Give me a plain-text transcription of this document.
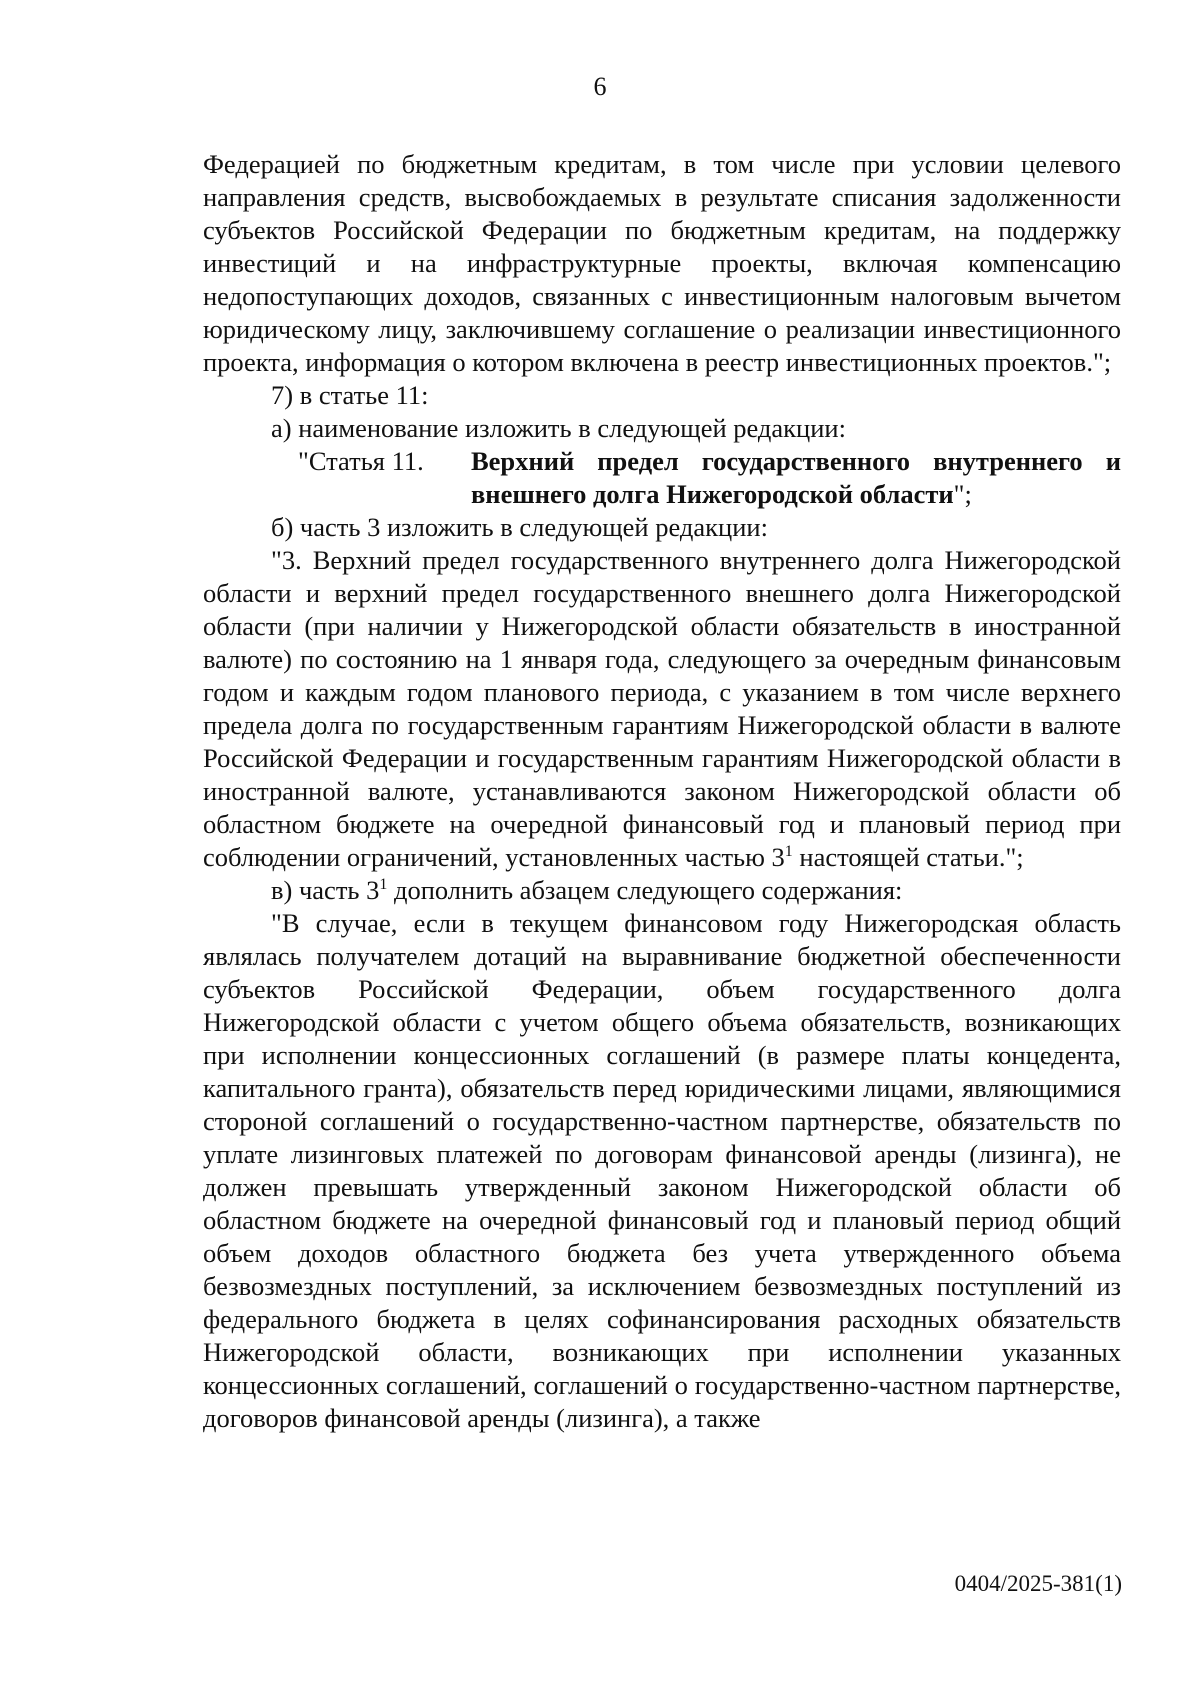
6

Федерацией по бюджетным кредитам, в том числе при условии целевого направления средств, высвобождаемых в результате списания задолженности субъектов Российской Федерации по бюджетным кредитам, на поддержку инвестиций и на инфраструктурные проекты, включая компенсацию недопоступающих доходов, связанных с инвестиционным налоговым вычетом юридическому лицу, заключившему соглашение о реализации инвестиционного проекта, информация о котором включена в реестр инвестиционных проектов.";

7) в статье 11:

а) наименование изложить в следующей редакции:

"Статья 11.	Верхний предел государственного внутреннего и внешнего долга Нижегородской области";

б) часть 3 изложить в следующей редакции:

"3. Верхний предел государственного внутреннего долга Нижегородской области и верхний предел государственного внешнего долга Нижегородской области (при наличии у Нижегородской области обязательств в иностранной валюте) по состоянию на 1 января года, следующего за очередным финансовым годом и каждым годом планового периода, с указанием в том числе верхнего предела долга по государственным гарантиям Нижегородской области в валюте Российской Федерации и государственным гарантиям Нижегородской области в иностранной валюте, устанавливаются законом Нижегородской области об областном бюджете на очередной финансовый год и плановый период при соблюдении ограничений, установленных частью $3^1$ настоящей статьи.";

в) часть $3^1$ дополнить абзацем следующего содержания:

"В случае, если в текущем финансовом году Нижегородская область являлась получателем дотаций на выравнивание бюджетной обеспеченности субъектов Российской Федерации, объем государственного долга Нижегородской области с учетом общего объема обязательств, возникающих при исполнении концессионных соглашений (в размере платы концедента, капитального гранта), обязательств перед юридическими лицами, являющимися стороной соглашений о государственно-частном партнерстве, обязательств по уплате лизинговых платежей по договорам финансовой аренды (лизинга), не должен превышать утвержденный законом Нижегородской области об областном бюджете на очередной финансовый год и плановый период общий объем доходов областного бюджета без учета утвержденного объема безвозмездных поступлений, за исключением безвозмездных поступлений из федерального бюджета в целях софинансирования расходных обязательств Нижегородской области, возникающих при исполнении указанных концессионных соглашений, соглашений о государственно-частном партнерстве, договоров финансовой аренды (лизинга), а также

0404/2025-381(1)
